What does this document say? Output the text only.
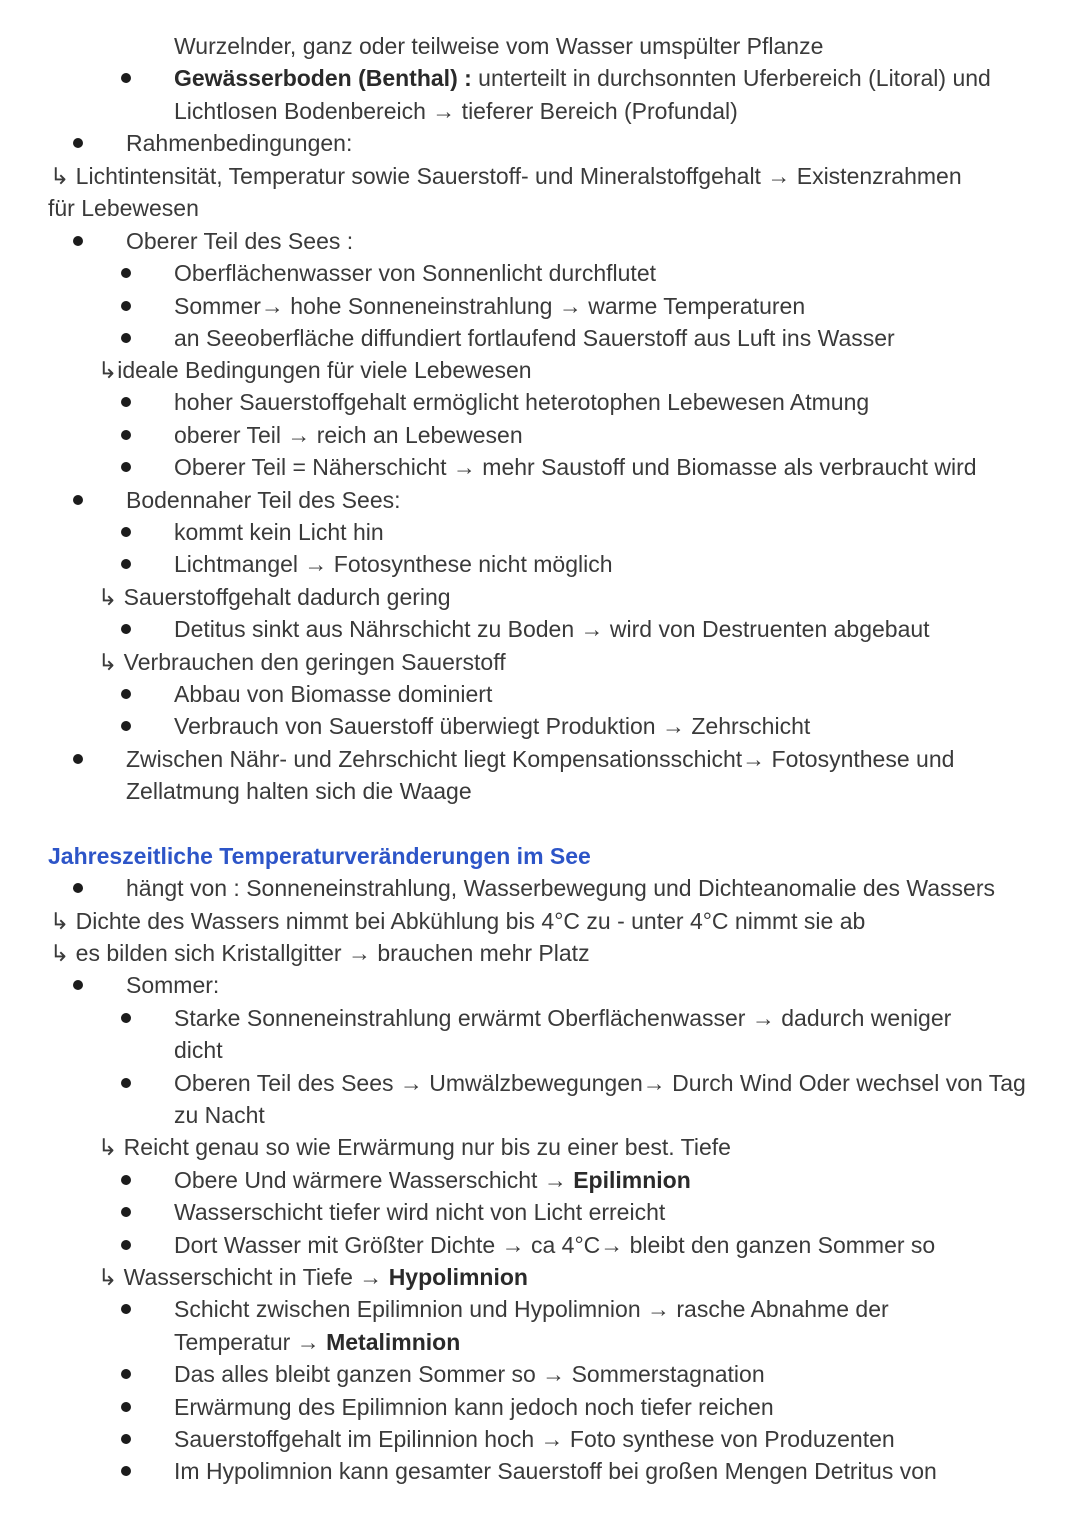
Wurzelnder, ganz oder teilweise vom Wasser umspülter Pflanze
Gewässerboden (Benthal) : unterteilt in durchsonnten Uferbereich (Litoral) und
Lichtlosen Bodenbereich → tieferer Bereich (Profundal)
Rahmenbedingungen:
↳ Lichtintensität, Temperatur sowie Sauerstoff- und Mineralstoffgehalt → Existenzrahmen
für Lebewesen
Oberer Teil des Sees :
Oberflächenwasser von Sonnenlicht durchflutet
Sommer→ hohe Sonneneinstrahlung → warme Temperaturen
an Seeoberfläche diffundiert fortlaufend Sauerstoff aus Luft ins Wasser
↳ideale Bedingungen für viele Lebewesen
hoher Sauerstoffgehalt ermöglicht heterotophen Lebewesen Atmung
oberer Teil → reich an Lebewesen
Oberer Teil = Näherschicht → mehr Saustoff und Biomasse als verbraucht wird
Bodennaher Teil des Sees:
kommt kein Licht hin
Lichtmangel → Fotosynthese nicht möglich
↳ Sauerstoffgehalt dadurch gering
Detitus sinkt aus Nährschicht zu Boden → wird von Destruenten abgebaut
↳ Verbrauchen den geringen Sauerstoff
Abbau von Biomasse dominiert
Verbrauch von Sauerstoff überwiegt Produktion → Zehrschicht
Zwischen Nähr- und Zehrschicht liegt Kompensationsschicht→ Fotosynthese und
Zellatmung halten sich die Waage
Jahreszeitliche Temperaturveränderungen im See
hängt von : Sonneneinstrahlung, Wasserbewegung und Dichteanomalie des Wassers
↳ Dichte des Wassers nimmt bei Abkühlung bis 4°C zu - unter 4°C nimmt sie ab
↳ es bilden sich Kristallgitter → brauchen mehr Platz
Sommer:
Starke Sonneneinstrahlung erwärmt Oberflächenwasser → dadurch weniger
dicht
Oberen Teil des Sees → Umwälzbewegungen→ Durch Wind Oder wechsel von Tag
zu Nacht
↳ Reicht genau so wie Erwärmung nur bis zu einer best. Tiefe
Obere Und wärmere Wasserschicht → Epilimnion
Wasserschicht tiefer wird nicht von Licht erreicht
Dort Wasser mit Größter Dichte → ca 4°C→ bleibt den ganzen Sommer so
↳ Wasserschicht in Tiefe → Hypolimnion
Schicht zwischen Epilimnion und Hypolimnion → rasche Abnahme der
Temperatur → Metalimnion
Das alles bleibt ganzen Sommer so → Sommerstagnation
Erwärmung des Epilimnion kann jedoch noch tiefer reichen
Sauerstoffgehalt im Epilinnion hoch → Foto synthese von Produzenten
Im Hypolimnion kann gesamter Sauerstoff bei großen Mengen Detritus von
